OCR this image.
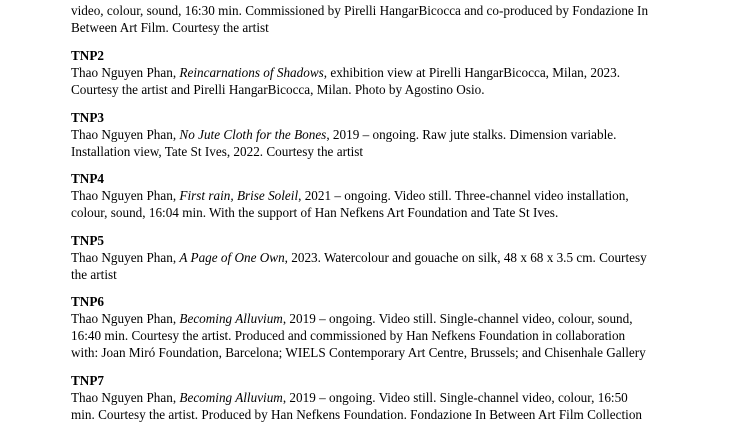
video, colour, sound, 16:30 min. Commissioned by Pirelli HangarBicocca and co-produced by Fondazione In
Between Art Film. Courtesy the artist
TNP2
Thao Nguyen Phan, Reincarnations of Shadows, exhibition view at Pirelli HangarBicocca, Milan, 2023.
Courtesy the artist and Pirelli HangarBicocca, Milan. Photo by Agostino Osio.
TNP3
Thao Nguyen Phan, No Jute Cloth for the Bones, 2019 – ongoing. Raw jute stalks. Dimension variable.
Installation view, Tate St Ives, 2022. Courtesy the artist
TNP4
Thao Nguyen Phan, First rain, Brise Soleil, 2021 – ongoing. Video still. Three-channel video installation,
colour, sound, 16:04 min. With the support of Han Nefkens Art Foundation and Tate St Ives.
TNP5
Thao Nguyen Phan, A Page of One Own, 2023. Watercolour and gouache on silk, 48 x 68 x 3.5 cm. Courtesy
the artist
TNP6
Thao Nguyen Phan, Becoming Alluvium, 2019 – ongoing. Video still. Single-channel video, colour, sound,
16:40 min. Courtesy the artist. Produced and commissioned by Han Nefkens Foundation in collaboration
with: Joan Miró Foundation, Barcelona; WIELS Contemporary Art Centre, Brussels; and Chisenhale Gallery
TNP7
Thao Nguyen Phan, Becoming Alluvium, 2019 – ongoing. Video still. Single-channel video, colour, 16:50
min. Courtesy the artist. Produced by Han Nefkens Foundation. Fondazione In Between Art Film Collection
